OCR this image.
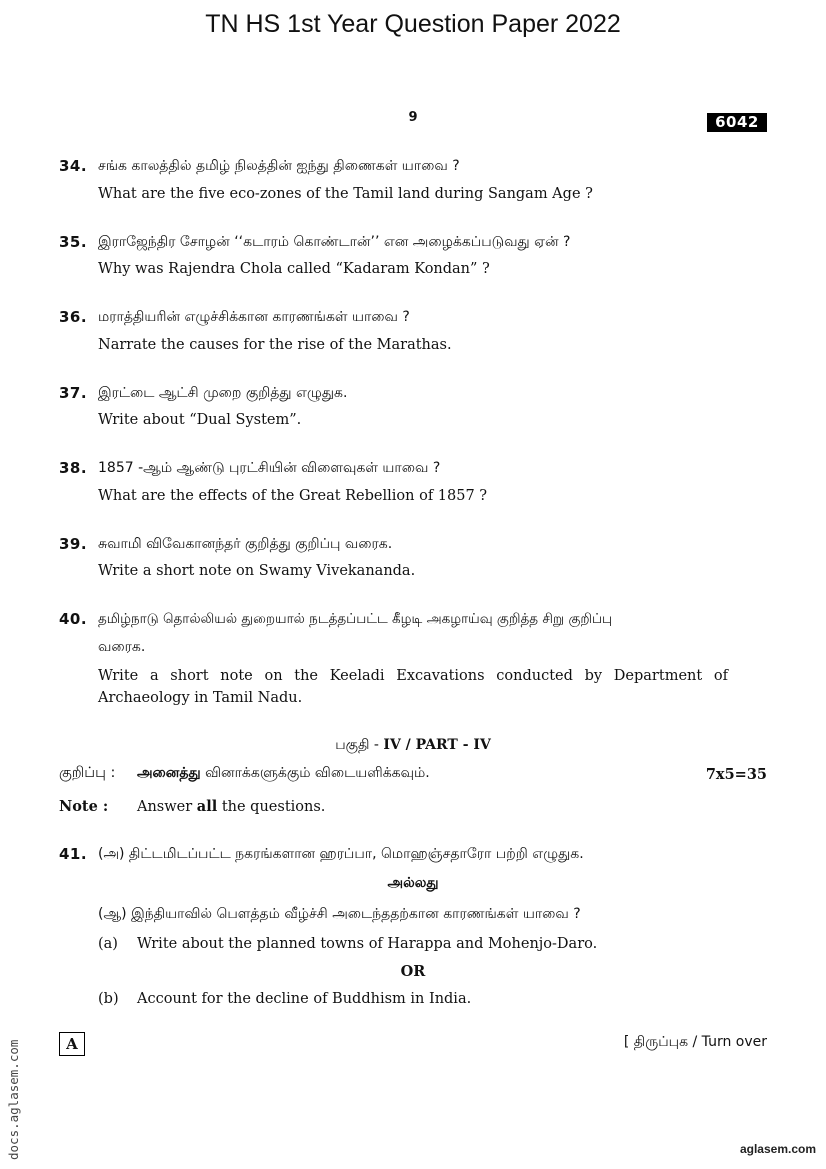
TN HS 1st Year Question Paper 2022
9	6042
34. சங்க காலத்தில் தமிழ் நிலத்தின் ஐந்து திணைகள் யாவை ?
What are the five eco-zones of the Tamil land during Sangam Age ?
35. இராஜேந்திர சோழன் ‘‘கடாரம் கொண்டான்’’ என அழைக்கப்படுவது ஏன் ?
Why was Rajendra Chola called “Kadaram Kondan” ?
36. மராத்தியரின் எழுச்சிக்கான காரணங்கள் யாவை ?
Narrate the causes for the rise of the Marathas.
37. இரட்டை ஆட்சி முறை குறித்து எழுதுக.
Write about “Dual System”.
38. 1857 -ஆம் ஆண்டு புரட்சியின் விளைவுகள் யாவை ?
What are the effects of the Great Rebellion of 1857 ?
39. சுவாமி விவேகானந்தர் குறித்து குறிப்பு வரைக.
Write a short note on Swamy Vivekananda.
40. தமிழ்நாடு தொல்லியல் துறையால் நடத்தப்பட்ட கீழடி அகழாய்வு குறித்த சிறு குறிப்பு
வரைக.
Write a short note on the Keeladi Excavations conducted by Department of
Archaeology in Tamil Nadu.
பகுதி - IV / PART - IV
குறிப்பு : அனைத்து வினாக்களுக்கும் விடையளிக்கவும்.	7x5=35
Note : Answer all the questions.
41. (அ) திட்டமிடப்பட்ட நகரங்களான ஹரப்பா, மொஹஞ்சதாரோ பற்றி எழுதுக.
அல்லது
(ஆ) இந்தியாவில் பௌத்தம் வீழ்ச்சி அடைந்ததற்கான காரணங்கள் யாவை ?
(a) Write about the planned towns of Harappa and Mohenjo-Daro.
OR
(b) Account for the decline of Buddhism in India.
A	[ திருப்புக / Turn over
docs.aglasem.com	aglasem.com
